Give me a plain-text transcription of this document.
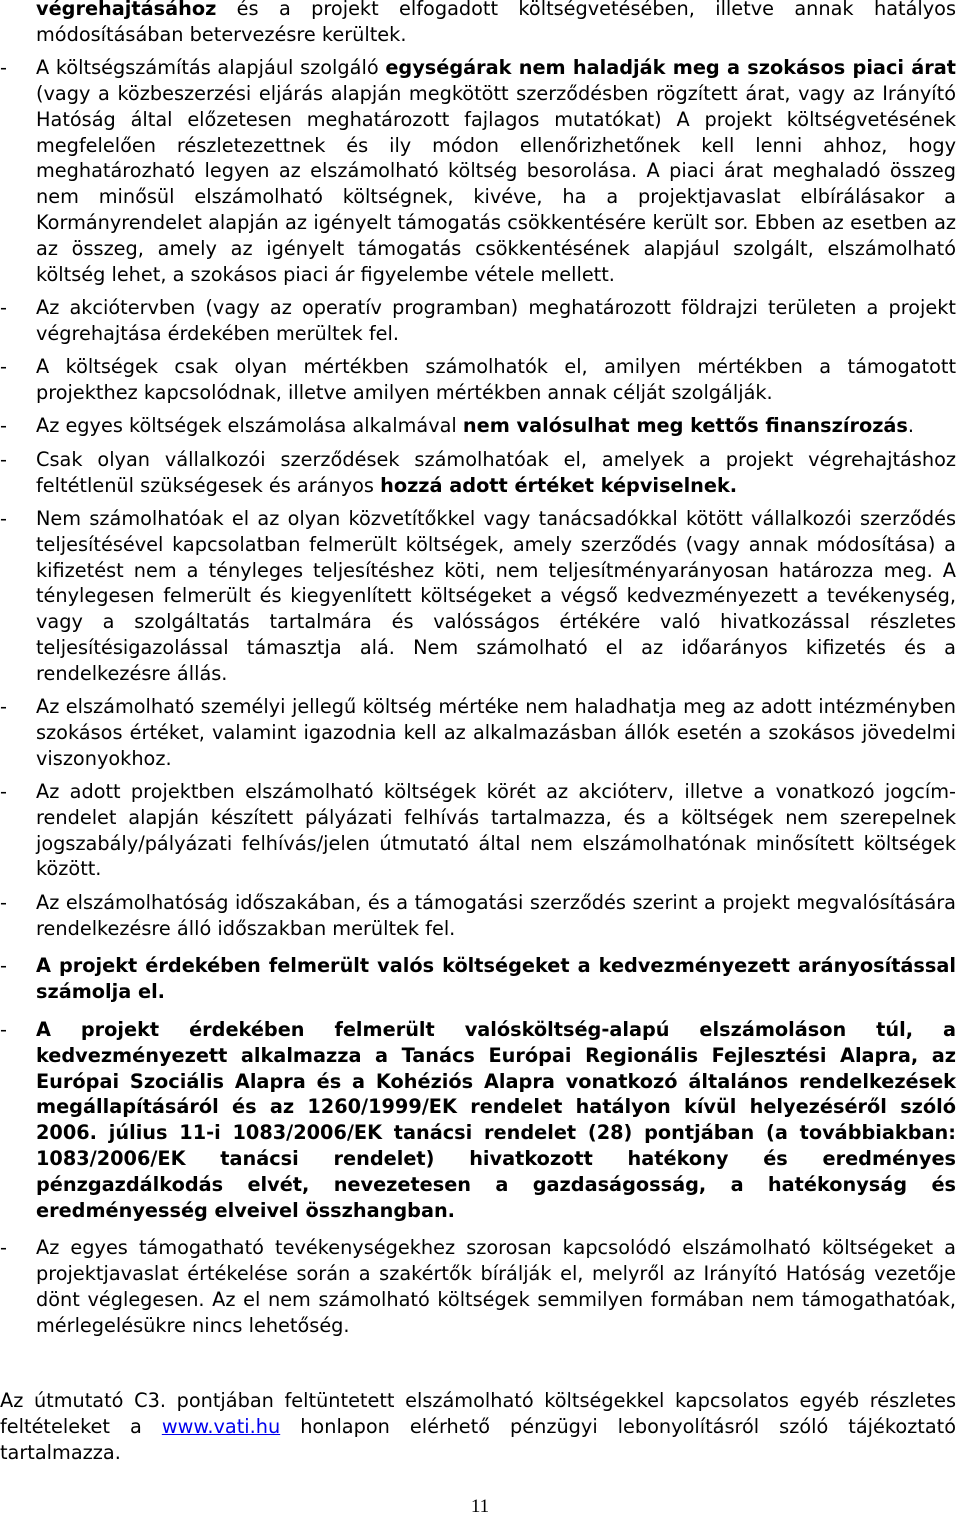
végrehajtásához és a projekt elfogadott költségvetésében, illetve annak hatályos módosításában betervezésre kerültek.
- A költségszámítás alapjául szolgáló egységárak nem haladják meg a szokásos piaci árat (vagy a közbeszerzési eljárás alapján megkötött szerződésben rögzített árat, vagy az Irányító Hatóság által előzetesen meghatározott fajlagos mutatókat) A projekt költségvetésének megfelelően részletezettnek és ily módon ellenőrizhetőnek kell lenni ahhoz, hogy meghatározható legyen az elszámolható költség besorolása. A piaci árat meghaladó összeg nem minősül elszámolható költségnek, kivéve, ha a projektjavaslat elbírálásakor a Kormányrendelet alapján az igényelt támogatás csökkentésére került sor. Ebben az esetben az az összeg, amely az igényelt támogatás csökkentésének alapjául szolgált, elszámolható költség lehet, a szokásos piaci ár figyelembe vétele mellett.
- Az akciótervben (vagy az operatív programban) meghatározott földrajzi területen a projekt végrehajtása érdekében merültek fel.
- A költségek csak olyan mértékben számolhatók el, amilyen mértékben a támogatott projekthez kapcsolódnak, illetve amilyen mértékben annak célját szolgálják.
- Az egyes költségek elszámolása alkalmával nem valósulhat meg kettős finanszírozás.
- Csak olyan vállalkozói szerződések számolhatóak el, amelyek a projekt végrehajtáshoz feltétlenül szükségesek és arányos hozzá adott értéket képviselnek.
- Nem számolhatóak el az olyan közvetítőkkel vagy tanácsadókkal kötött vállalkozói szerződés teljesítésével kapcsolatban felmerült költségek, amely szerződés (vagy annak módosítása) a kifizetést nem a tényleges teljesítéshez köti, nem teljesítményarányosan határozza meg. A ténylegesen felmerült és kiegyenlített költségeket a végső kedvezményezett a tevékenység, vagy a szolgáltatás tartalmára és valósságos értékére való hivatkozással részletes teljesítésigazolással támasztja alá. Nem számolható el az időarányos kifizetés és a rendelkezésre állás.
- Az elszámolható személyi jellegű költség mértéke nem haladhatja meg az adott intézményben szokásos értéket, valamint igazodnia kell az alkalmazásban állók esetén a szokásos jövedelmi viszonyokhoz.
- Az adott projektben elszámolható költségek körét az akcióterv, illetve a vonatkozó jogcím-rendelet alapján készített pályázati felhívás tartalmazza, és a költségek nem szerepelnek jogszabály/pályázati felhívás/jelen útmutató által nem elszámolhatónak minősített költségek között.
- Az elszámolhatóság időszakában, és a támogatási szerződés szerint a projekt megvalósítására rendelkezésre álló időszakban merültek fel.
- A projekt érdekében felmerült valós költségeket a kedvezményezett arányosítással számolja el.
- A projekt érdekében felmerült valósköltség-alapú elszámoláson túl, a kedvezményezett alkalmazza a Tanács Európai Regionális Fejlesztési Alapra, az Európai Szociális Alapra és a Kohéziós Alapra vonatkozó általános rendelkezések megállapításáról és az 1260/1999/EK rendelet hatályon kívül helyezéséről szóló 2006. július 11-i 1083/2006/EK tanácsi rendelet (28) pontjában (a továbbiakban: 1083/2006/EK tanácsi rendelet) hivatkozott hatékony és eredményes pénzgazdálkodás elvét, nevezetesen a gazdaságosság, a hatékonyság és eredményesség elveivel összhangban.
- Az egyes támogatható tevékenységekhez szorosan kapcsolódó elszámolható költségeket a projektjavaslat értékelése során a szakértők bírálják el, melyről az Irányító Hatóság vezetője dönt véglegesen. Az el nem számolható költségek semmilyen formában nem támogathatóak, mérlegelésükre nincs lehetőség.
Az útmutató C3. pontjában feltüntetett elszámolható költségekkel kapcsolatos egyéb részletes feltételeket a www.vati.hu honlapon elérhető pénzügyi lebonyolításról szóló tájékoztató tartalmazza.
11
